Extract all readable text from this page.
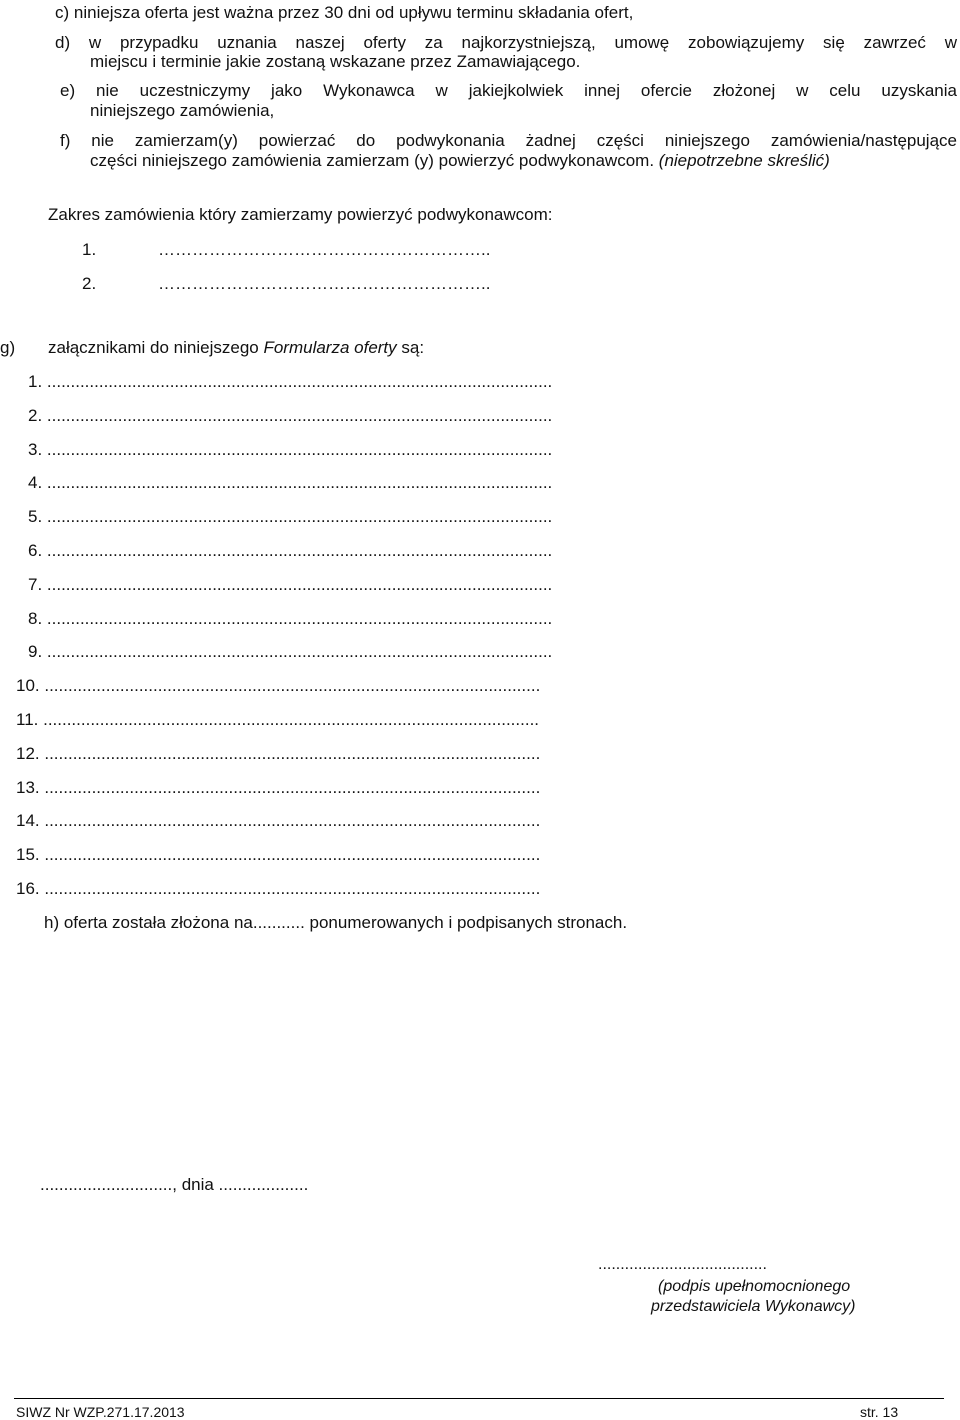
c) niniejsza oferta jest ważna przez 30 dni od upływu terminu składania ofert,

d) w przypadku uznania naszej oferty za najkorzystniejszą, umowę zobowiązujemy się zawrzeć w

miejscu i terminie jakie zostaną wskazane przez Zamawiającego.

e) nie uczestniczymy jako Wykonawca w jakiejkolwiek innej ofercie złożonej w celu uzyskania

niniejszego zamówienia,

f) nie zamierzam(y) powierzać do podwykonania żadnej części niniejszego zamówienia/następujące

części niniejszego zamówienia zamierzam (y) powierzyć podwykonawcom. (niepotrzebne skreślić)

Zakres zamówienia który zamierzamy powierzyć podwykonawcom:

1.	…………………………………………………..

2.	…………………………………………………..

g) załącznikami do niniejszego Formularza oferty są:

1. ...........................................................................................................

2. ...........................................................................................................

3. ...........................................................................................................

4. ...........................................................................................................

5. ...........................................................................................................

6. ...........................................................................................................

7. ...........................................................................................................

8. ...........................................................................................................

9. ...........................................................................................................

10. .........................................................................................................

11. .........................................................................................................

12. .........................................................................................................

13. .........................................................................................................

14. .........................................................................................................

15. .........................................................................................................

16. .........................................................................................................

h) oferta została złożona na........... ponumerowanych i podpisanych stronach.

............................, dnia ...................

......................................

(podpis upełnomocnionego

przedstawiciela Wykonawcy)

SIWZ Nr WZP.271.17.2013	str. 13
